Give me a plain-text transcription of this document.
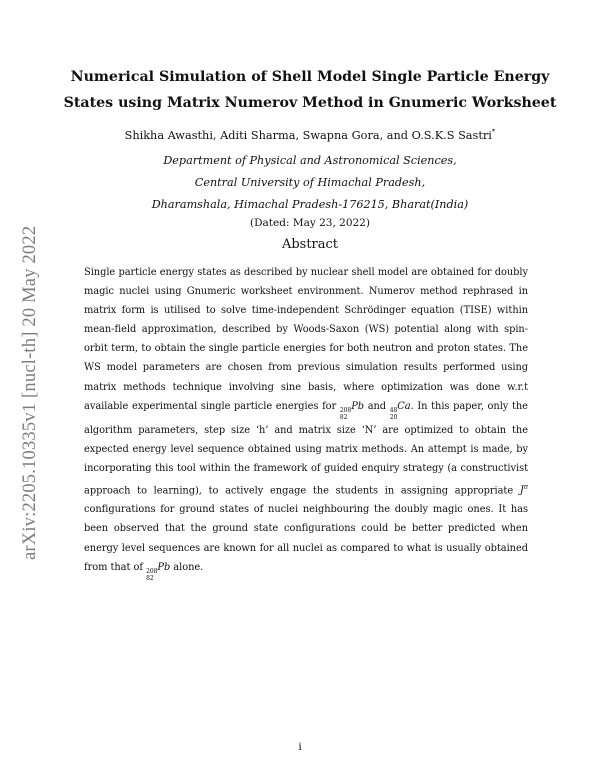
arXiv:2205.10335v1 [nucl-th] 20 May 2022
Numerical Simulation of Shell Model Single Particle Energy
States using Matrix Numerov Method in Gnumeric Worksheet
Shikha Awasthi, Aditi Sharma, Swapna Gora, and O.S.K.S Sastri*
Department of Physical and Astronomical Sciences,
Central University of Himachal Pradesh,
Dharamshala, Himachal Pradesh-176215, Bharat(India)
(Dated: May 23, 2022)
Abstract
Single particle energy states as described by nuclear shell model are obtained for doubly magic nuclei using Gnumeric worksheet environment. Numerov method rephrased in matrix form is utilised to solve time-independent Schrödinger equation (TISE) within mean-field approximation, described by Woods-Saxon (WS) potential along with spin-orbit term, to obtain the single particle energies for both neutron and proton states. The WS model parameters are chosen from previous simulation results performed using matrix methods technique involving sine basis, where optimization was done w.r.t available experimental single particle energies for 208
82
Pb and 48
20
Ca. In this paper, only the algorithm parameters, step size ‘h’ and matrix size ‘N’ are optimized to obtain the expected energy level sequence obtained using matrix methods. An attempt is made, by incorporating this tool within the framework of guided enquiry strategy (a constructivist approach to learning), to actively engage the students in assigning appropriate $J^\pi$ configurations for ground states of nuclei neighbouring the doubly magic ones. It has been observed that the ground state configurations could be better predicted when energy level sequences are known for all nuclei as compared to what is usually obtained from that of 208
82
Pb alone.
i
